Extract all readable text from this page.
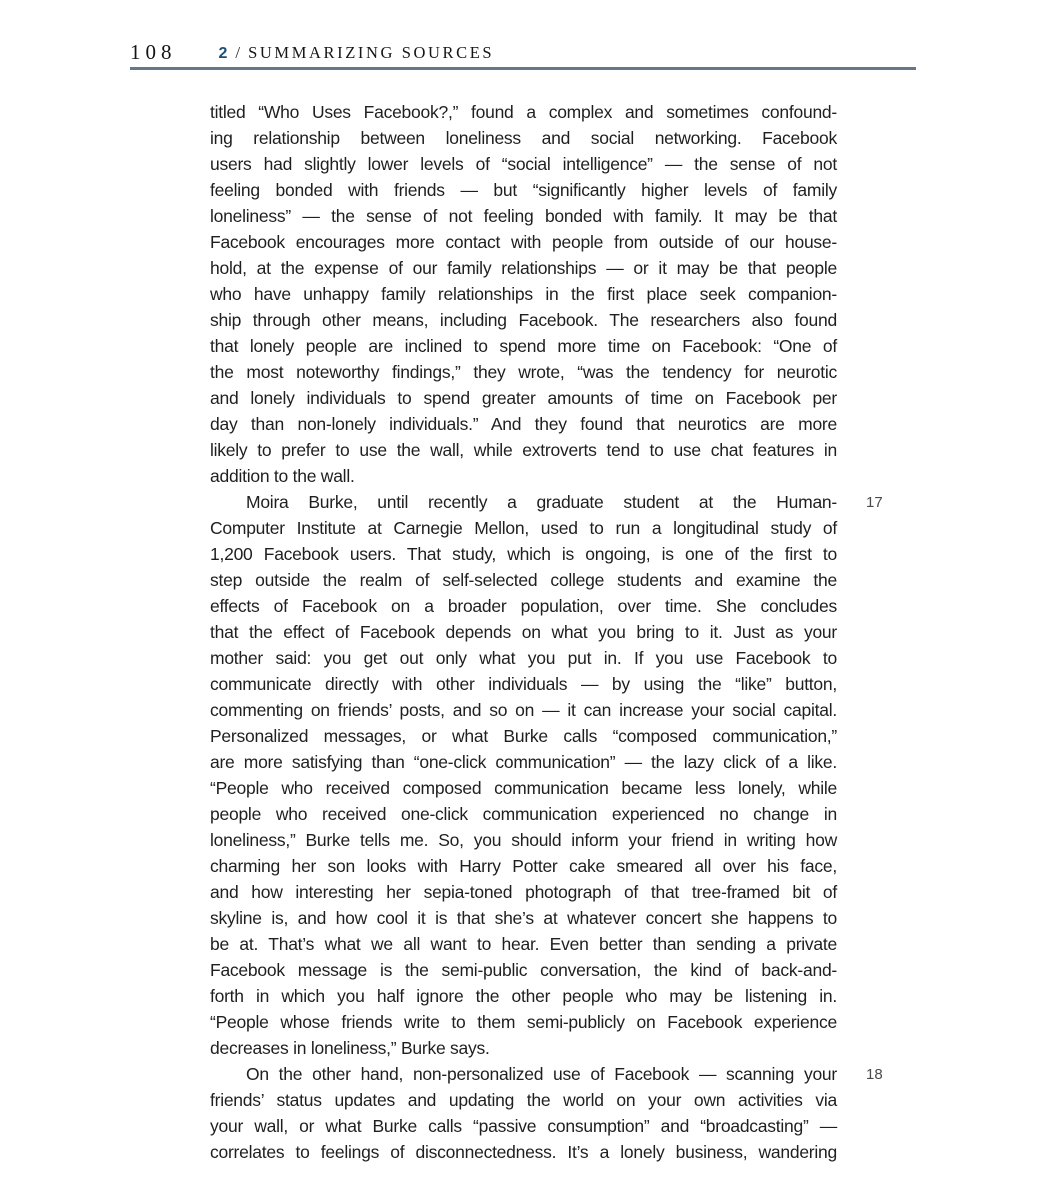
108	2 / SUMMARIZING SOURCES
titled “Who Uses Facebook?,” found a complex and sometimes confound-
ing relationship between loneliness and social networking. Facebook
users had slightly lower levels of “social intelligence” — the sense of not
feeling bonded with friends — but “significantly higher levels of family
loneliness” — the sense of not feeling bonded with family. It may be that
Facebook encourages more contact with people from outside of our house-
hold, at the expense of our family relationships — or it may be that people
who have unhappy family relationships in the first place seek companion-
ship through other means, including Facebook. The researchers also found
that lonely people are inclined to spend more time on Facebook: “One of
the most noteworthy findings,” they wrote, “was the tendency for neurotic
and lonely individuals to spend greater amounts of time on Facebook per
day than non-lonely individuals.” And they found that neurotics are more
likely to prefer to use the wall, while extroverts tend to use chat features in
addition to the wall.
Moira Burke, until recently a graduate student at the Human-
Computer Institute at Carnegie Mellon, used to run a longitudinal study of
1,200 Facebook users. That study, which is ongoing, is one of the first to
step outside the realm of self-selected college students and examine the
effects of Facebook on a broader population, over time. She concludes
that the effect of Facebook depends on what you bring to it. Just as your
mother said: you get out only what you put in. If you use Facebook to
communicate directly with other individuals — by using the “like” button,
commenting on friends’ posts, and so on — it can increase your social capital.
Personalized messages, or what Burke calls “composed communication,”
are more satisfying than “one-click communication” — the lazy click of a like.
“People who received composed communication became less lonely, while
people who received one-click communication experienced no change in
loneliness,” Burke tells me. So, you should inform your friend in writing how
charming her son looks with Harry Potter cake smeared all over his face,
and how interesting her sepia-toned photograph of that tree-framed bit of
skyline is, and how cool it is that she’s at whatever concert she happens to
be at. That’s what we all want to hear. Even better than sending a private
Facebook message is the semi-public conversation, the kind of back-and-
forth in which you half ignore the other people who may be listening in.
“People whose friends write to them semi-publicly on Facebook experience
decreases in loneliness,” Burke says.
17
On the other hand, non-personalized use of Facebook — scanning your
friends’ status updates and updating the world on your own activities via
your wall, or what Burke calls “passive consumption” and “broadcasting” —
correlates to feelings of disconnectedness. It’s a lonely business, wandering
18
